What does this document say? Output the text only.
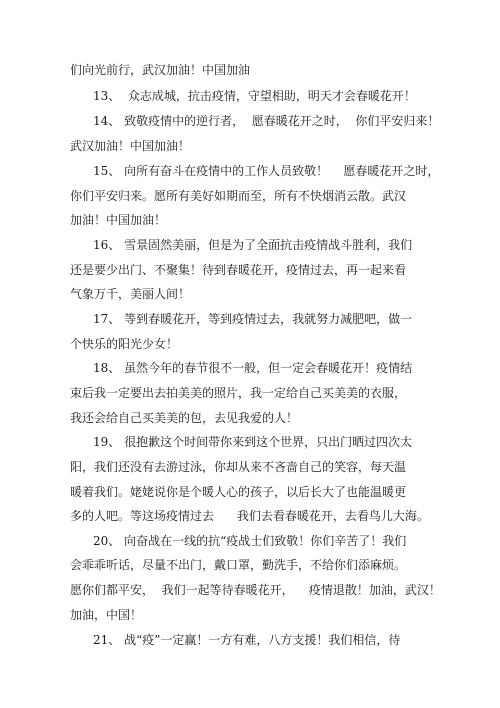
们向光前行，武汉加油！中国加油
13、  众志成城，抗击疫情，守望相助，明天才会春暖花开！
14、 致敬疫情中的逆行者，  愿春暖花开之时，  你们平安归来！
武汉加油！中国加油！
15、 向所有奋斗在疫情中的工作人员致敬！    愿春暖花开之时，
你们平安归来。愿所有美好如期而至，所有不快烟消云散。武汉
加油！中国加油！
16、 雪景固然美丽，但是为了全面抗击疫情战斗胜利，我们
还是要少出门、不聚集！待到春暖花开，疫情过去，再一起来看
气象万千，美丽人间！
17、 等到春暖花开，等到疫情过去，我就努力减肥吧，做一
个快乐的阳光少女！
18、 虽然今年的春节很不一般，但一定会春暖花开！疫情结
束后我一定要出去拍美美的照片，我一定给自己买美美的衣服，
我还会给自己买美美的包，去见我爱的人！
19、 很抱歉这个时间带你来到这个世界，只出门晒过四次太
阳，我们还没有去游过泳，你却从来不吝啬自己的笑容，每天温
暖着我们。姥姥说你是个暖人心的孩子，以后长大了也能温暖更
多的人吧。等这场疫情过去      我们去看春暖花开，去看鸟儿大海。
20、 向奋战在一线的抗“疫战士们致敬！你们辛苦了！我们
会乖乖听话，尽量不出门，戴口罩，勤洗手，不给你们添麻烦。
愿你们都平安，  我们一起等待春暖花开，    疫情退散！加油，武汉！
加油，中国！
21、 战“疫”一定赢！一方有难，八方支援！我们相信，待
